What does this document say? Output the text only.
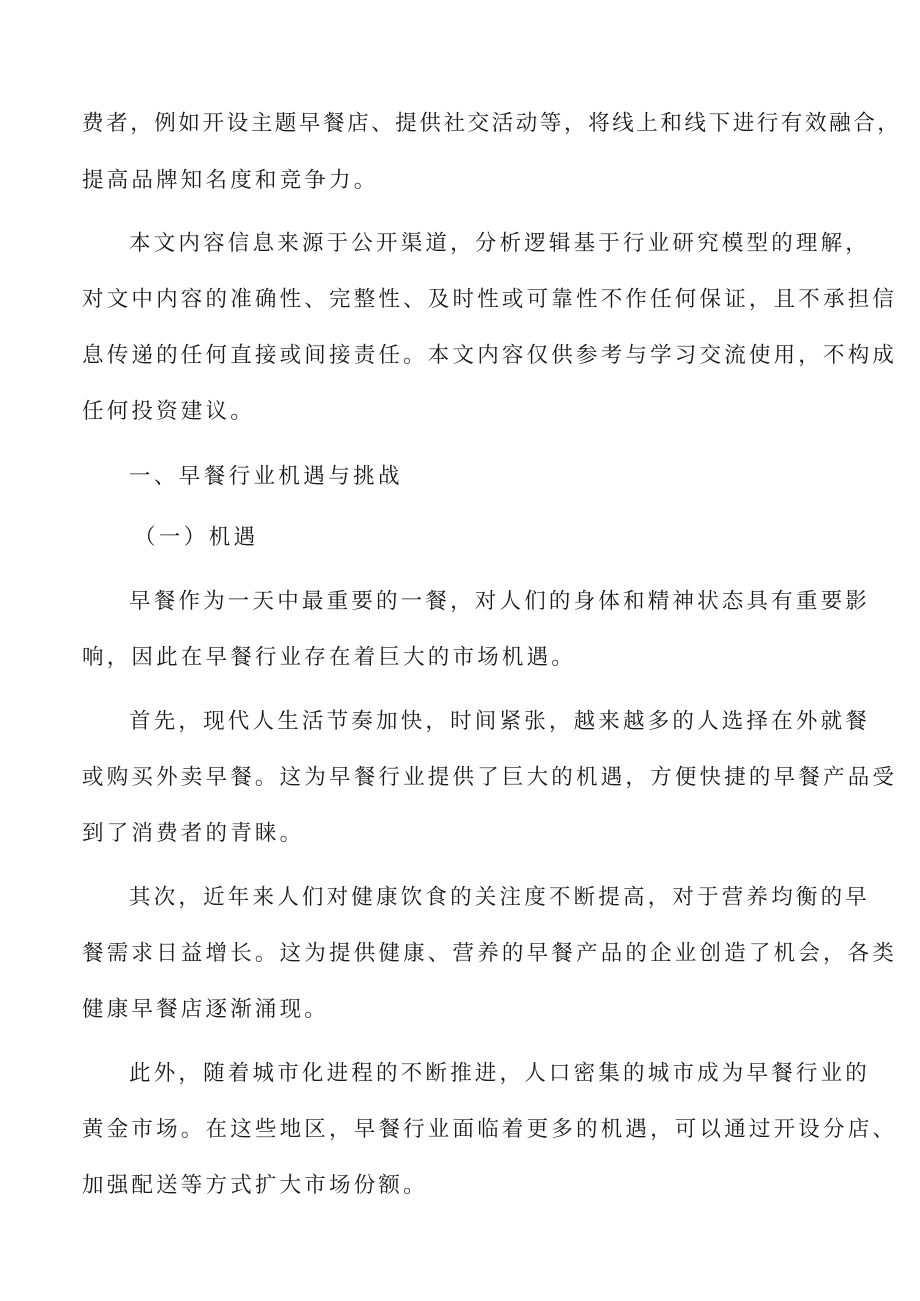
费者，例如开设主题早餐店、提供社交活动等，将线上和线下进行有效融合，
提高品牌知名度和竞争力。
本文内容信息来源于公开渠道，分析逻辑基于行业研究模型的理解，
对文中内容的准确性、完整性、及时性或可靠性不作任何保证，且不承担信
息传递的任何直接或间接责任。本文内容仅供参考与学习交流使用，不构成
任何投资建议。
一、早餐行业机遇与挑战
（一）机遇
早餐作为一天中最重要的一餐，对人们的身体和精神状态具有重要影
响，因此在早餐行业存在着巨大的市场机遇。
首先，现代人生活节奏加快，时间紧张，越来越多的人选择在外就餐
或购买外卖早餐。这为早餐行业提供了巨大的机遇，方便快捷的早餐产品受
到了消费者的青睐。
其次，近年来人们对健康饮食的关注度不断提高，对于营养均衡的早
餐需求日益增长。这为提供健康、营养的早餐产品的企业创造了机会，各类
健康早餐店逐渐涌现。
此外，随着城市化进程的不断推进，人口密集的城市成为早餐行业的
黄金市场。在这些地区，早餐行业面临着更多的机遇，可以通过开设分店、
加强配送等方式扩大市场份额。
